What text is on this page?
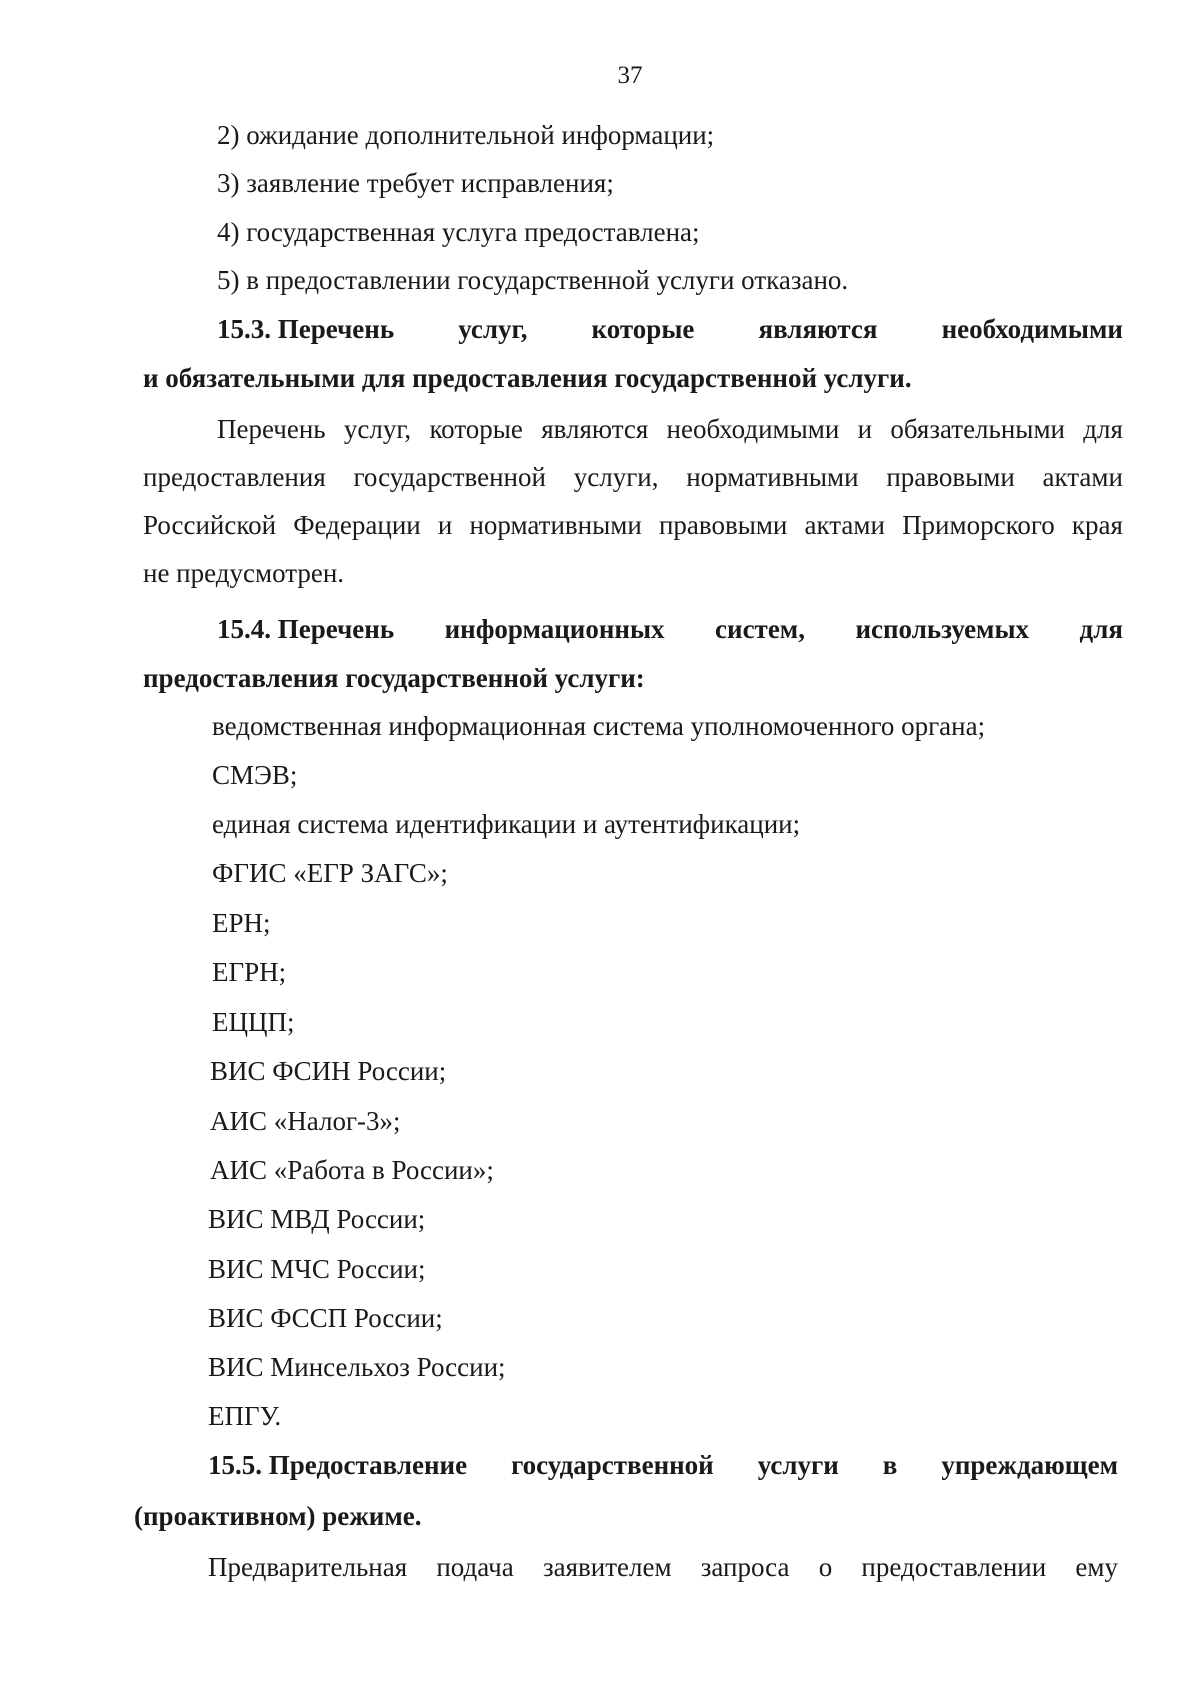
37
2) ожидание дополнительной информации;
3) заявление требует исправления;
4) государственная услуга предоставлена;
5) в предоставлении государственной услуги отказано.
15.3. Перечень услуг, которые являются необходимыми
и обязательными для предоставления государственной услуги.
Перечень услуг, которые являются необходимыми и обязательными для
предоставления государственной услуги, нормативными правовыми актами
Российской Федерации и нормативными правовыми актами Приморского края
не предусмотрен.
15.4. Перечень информационных систем, используемых для
предоставления государственной услуги:
ведомственная информационная система уполномоченного органа;
СМЭВ;
единая система идентификации и аутентификации;
ФГИС «ЕГР ЗАГС»;
ЕРН;
ЕГРН;
ЕЦЦП;
ВИС ФСИН России;
АИС «Налог-3»;
АИС «Работа в России»;
ВИС МВД России;
ВИС МЧС России;
ВИС ФССП России;
ВИС Минсельхоз России;
ЕПГУ.
15.5. Предоставление государственной услуги в упреждающем
(проактивном) режиме.
Предварительная подача заявителем запроса о предоставлении ему
